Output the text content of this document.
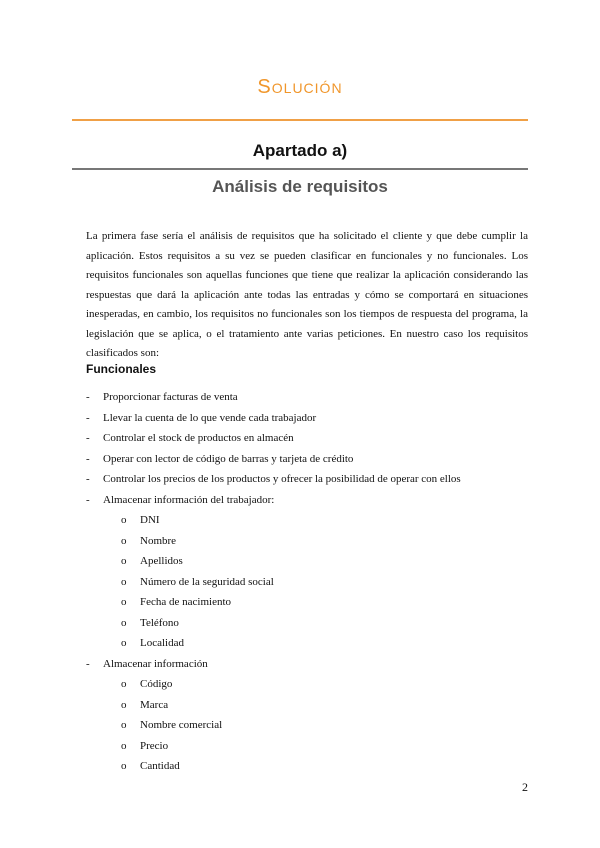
Solución
Apartado a)
Análisis de requisitos

La primera fase sería el análisis de requisitos que ha solicitado el cliente y que debe cumplir la aplicación. Estos requisitos a su vez se pueden clasificar en funcionales y no funcionales. Los requisitos funcionales son aquellas funciones que tiene que realizar la aplicación considerando las respuestas que dará la aplicación ante todas las entradas y cómo se comportará en situaciones inesperadas, en cambio, los requisitos no funcionales son los tiempos de respuesta del programa, la legislación que se aplica, o el tratamiento ante varias peticiones. En nuestro caso los requisitos clasificados son:

Funcionales
- Proporcionar facturas de venta
- Llevar la cuenta de lo que vende cada trabajador
- Controlar el stock de productos en almacén
- Operar con lector de código de barras y tarjeta de crédito
- Controlar los precios de los productos y ofrecer la posibilidad de operar con ellos
- Almacenar información del trabajador:
o DNI
o Nombre
o Apellidos
o Número de la seguridad social
o Fecha de nacimiento
o Teléfono
o Localidad
- Almacenar información
o Código
o Marca
o Nombre comercial
o Precio
o Cantidad
2
